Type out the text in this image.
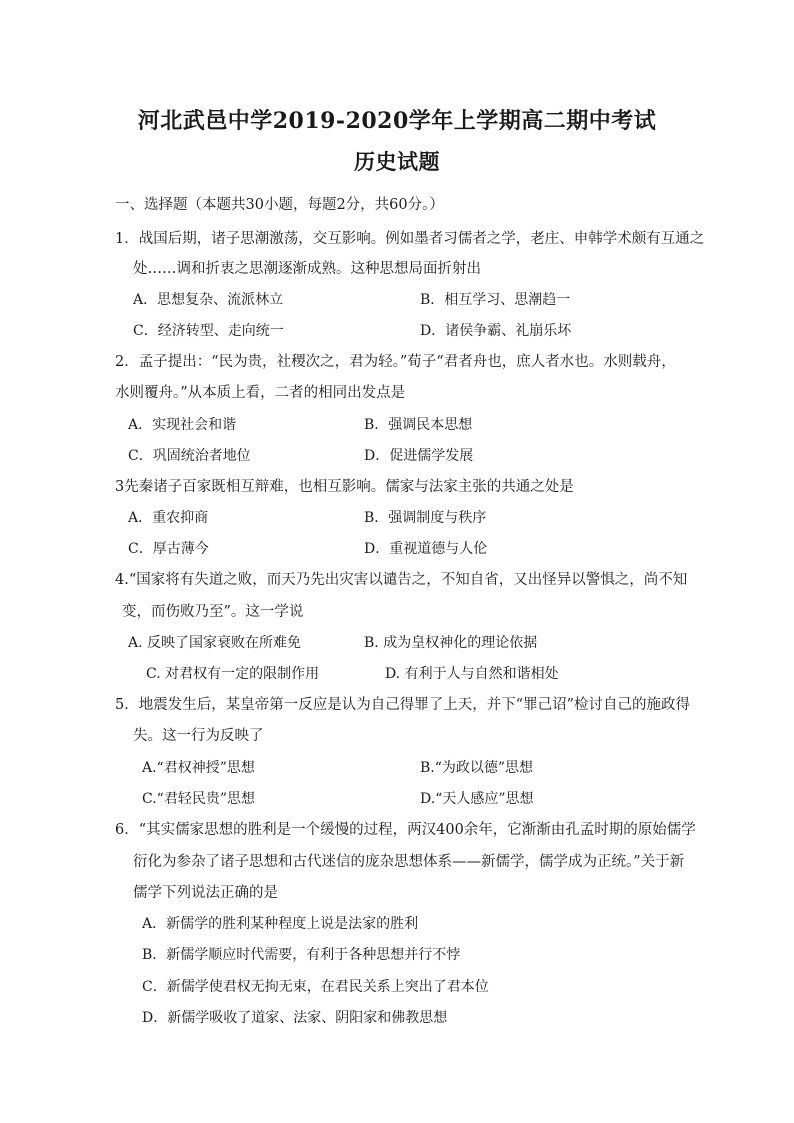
河北武邑中学2019-2020学年上学期高二期中考试
历史试题
一、选择题（本题共30小题，每题2分，共60分。）
1．战国后期，诸子思潮激荡，交互影响。例如墨者习儒者之学，老庄、申韩学术颇有互通之
处……调和折衷之思潮逐渐成熟。这种思想局面折射出
A．思想复杂、流派林立	B．相互学习、思潮趋一
C．经济转型、走向统一	D．诸侯争霸、礼崩乐坏
2．孟子提出：“民为贵，社稷次之，君为轻。”荀子“君者舟也，庶人者水也。水则载舟，
水则覆舟。”从本质上看，二者的相同出发点是
A．实现社会和谐	B．强调民本思想
C．巩固统治者地位	D．促进儒学发展
3先秦诸子百家既相互辩难，也相互影响。儒家与法家主张的共通之处是
A．重农抑商	B．强调制度与秩序
C．厚古薄今	D．重视道德与人伦
4.“国家将有失道之败，而天乃先出灾害以谴告之，不知自省，又出怪异以警惧之，尚不知
变，而伤败乃至”。这一学说
A. 反映了国家衰败在所难免	B. 成为皇权神化的理论依据
C. 对君权有一定的限制作用	D. 有利于人与自然和谐相处
5．地震发生后，某皇帝第一反应是认为自己得罪了上天，并下“罪己诏”检讨自己的施政得
失。这一行为反映了
A.“君权神授”思想	B.“为政以德”思想
C.“君轻民贵”思想	D.“天人感应”思想
6．“其实儒家思想的胜利是一个缓慢的过程，两汉400余年，它渐渐由孔孟时期的原始儒学
衍化为参杂了诸子思想和古代迷信的庞杂思想体系——新儒学，儒学成为正统。”关于新
儒学下列说法正确的是
A．新儒学的胜利某种程度上说是法家的胜利
B．新儒学顺应时代需要，有利于各种思想并行不悖
C．新儒学使君权无拘无束，在君民关系上突出了君本位
D．新儒学吸收了道家、法家、阴阳家和佛教思想
